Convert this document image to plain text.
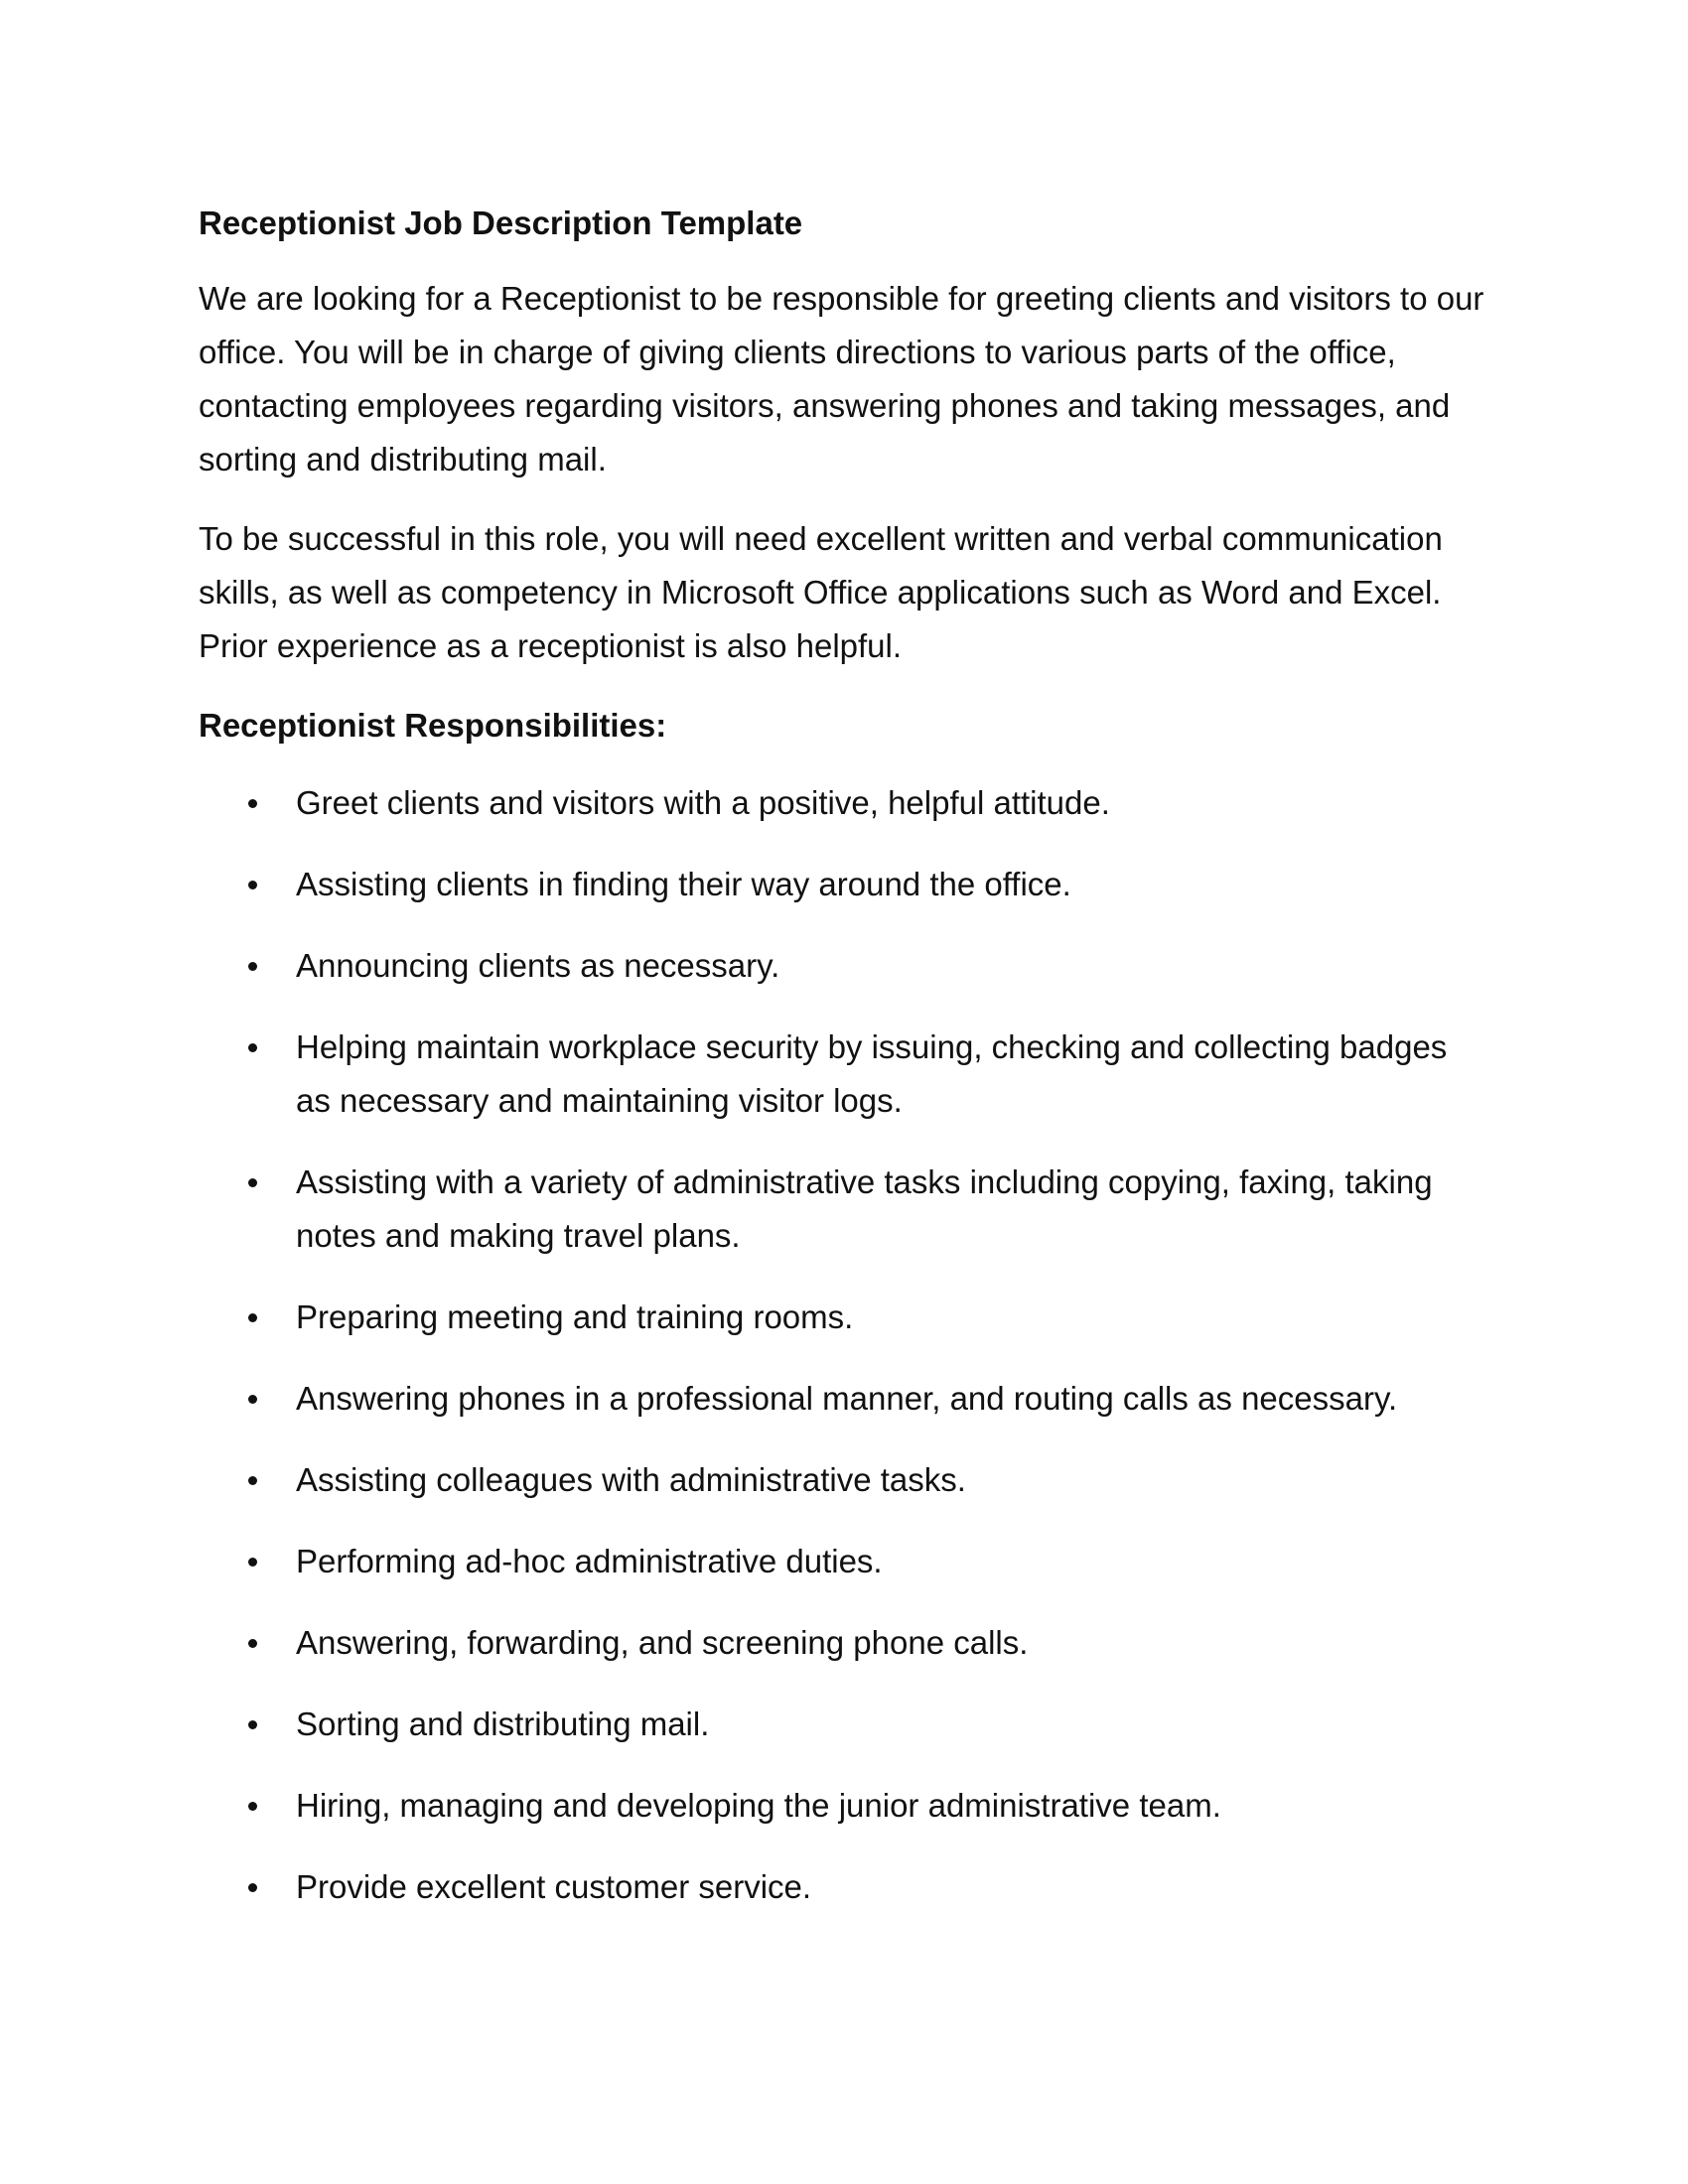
Receptionist Job Description Template

We are looking for a Receptionist to be responsible for greeting clients and visitors to our office. You will be in charge of giving clients directions to various parts of the office, contacting employees regarding visitors, answering phones and taking messages, and sorting and distributing mail.

To be successful in this role, you will need excellent written and verbal communication skills, as well as competency in Microsoft Office applications such as Word and Excel. Prior experience as a receptionist is also helpful.

Receptionist Responsibilities:
Greet clients and visitors with a positive, helpful attitude.
Assisting clients in finding their way around the office.
Announcing clients as necessary.
Helping maintain workplace security by issuing, checking and collecting badges as necessary and maintaining visitor logs.
Assisting with a variety of administrative tasks including copying, faxing, taking notes and making travel plans.
Preparing meeting and training rooms.
Answering phones in a professional manner, and routing calls as necessary.
Assisting colleagues with administrative tasks.
Performing ad-hoc administrative duties.
Answering, forwarding, and screening phone calls.
Sorting and distributing mail.
Hiring, managing and developing the junior administrative team.
Provide excellent customer service.
